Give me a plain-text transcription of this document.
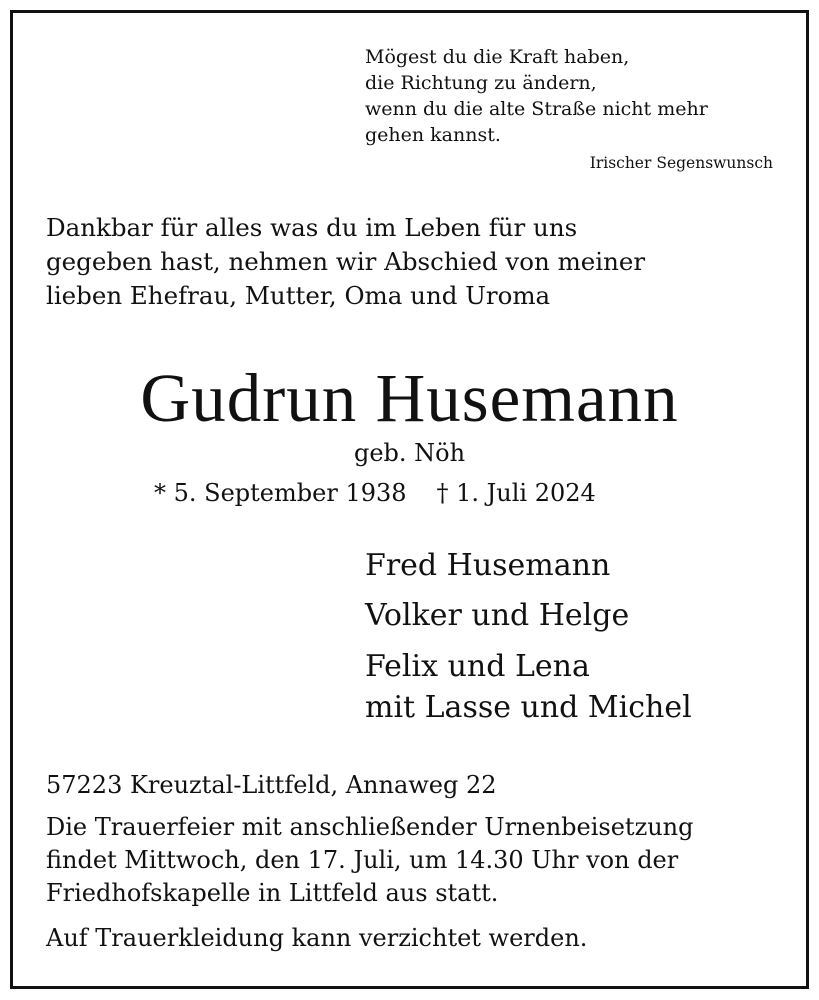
Mögest du die Kraft haben,
die Richtung zu ändern,
wenn du die alte Straße nicht mehr
gehen kannst.
Irischer Segenswunsch
Dankbar für alles was du im Leben für uns
gegeben hast, nehmen wir Abschied von meiner
lieben Ehefrau, Mutter, Oma und Uroma
Gudrun Husemann
geb. Nöh
* 5. September 1938 † 1. Juli 2024
Fred Husemann
Volker und Helge
Felix und Lena
mit Lasse und Michel
57223 Kreuztal-Littfeld, Annaweg 22
Die Trauerfeier mit anschließender Urnenbeisetzung
findet Mittwoch, den 17. Juli, um 14.30 Uhr von der
Friedhofskapelle in Littfeld aus statt.
Auf Trauerkleidung kann verzichtet werden.
